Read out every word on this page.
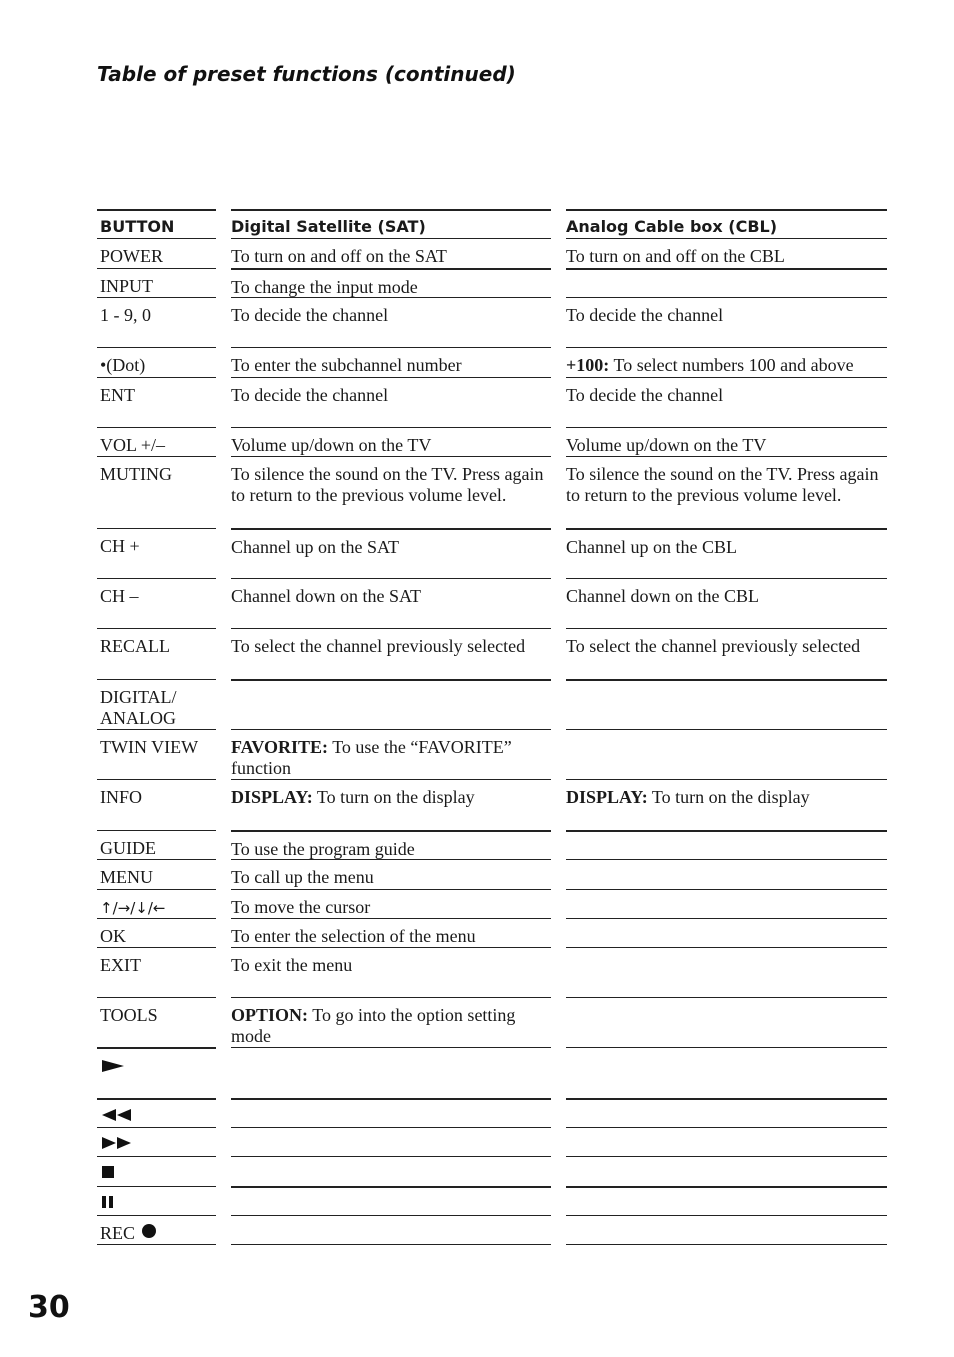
Table of preset functions (continued)
BUTTON
POWER
INPUT
1 - 9, 0
•(Dot)
ENT
VOL +/–
MUTING
CH +
CH –
RECALL
DIGITAL/ ANALOG
TWIN VIEW
INFO
GUIDE
MENU
↑/→/↓/←
OK
EXIT
TOOLS
REC
Digital Satellite (SAT)
To turn on and off on the SAT
To change the input mode
To decide the channel
To enter the subchannel number
To decide the channel
Volume up/down on the TV
To silence the sound on the TV. Press again to return to the previous volume level.
Channel up on the SAT
Channel down on the SAT
To select the channel previously selected
FAVORITE: To use the “FAVORITE” function
DISPLAY: To turn on the display
To use the program guide
To call up the menu
To move the cursor
To enter the selection of the menu
To exit the menu
OPTION: To go into the option setting mode
Analog Cable box (CBL)
To turn on and off on the CBL
To decide the channel
+100: To select numbers 100 and above
To decide the channel
Volume up/down on the TV
To silence the sound on the TV. Press again to return to the previous volume level.
Channel up on the CBL
Channel down on the CBL
To select the channel previously selected
DISPLAY: To turn on the display
30
